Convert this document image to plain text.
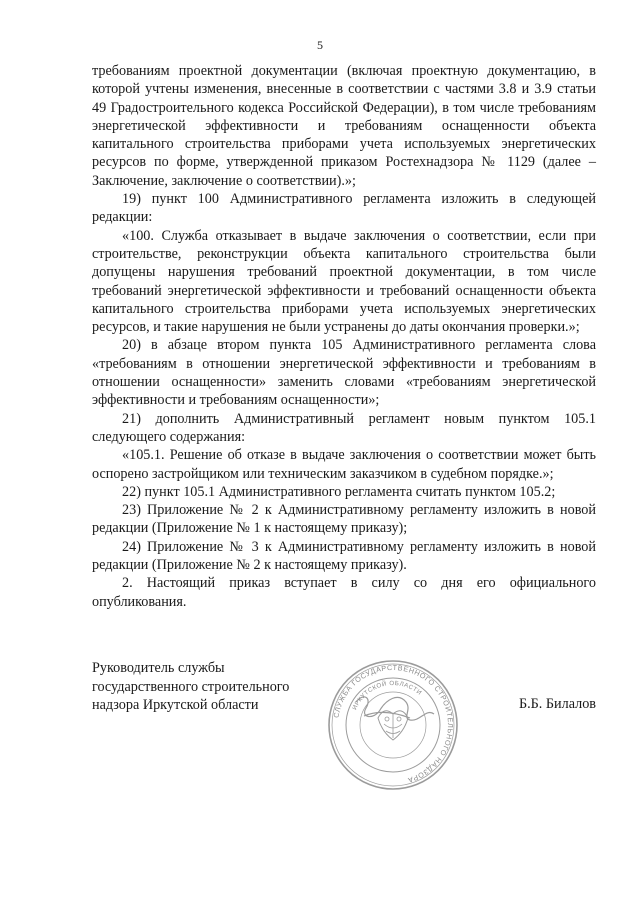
5

требованиям проектной документации (включая проектную документацию, в которой учтены изменения, внесенные в соответствии с частями 3.8 и 3.9 статьи 49 Градостроительного кодекса Российской Федерации), в том числе требованиям энергетической эффективности и требованиям оснащенности объекта капитального строительства приборами учета используемых энергетических ресурсов по форме, утвержденной приказом Ростехнадзора № 1129 (далее – Заключение, заключение о соответствии).»;

19) пункт 100 Административного регламента изложить в следующей редакции:

«100. Служба отказывает в выдаче заключения о соответствии, если при строительстве, реконструкции объекта капитального строительства были допущены нарушения требований проектной документации, в том числе требований энергетической эффективности и требований оснащенности объекта капитального строительства приборами учета используемых энергетических ресурсов, и такие нарушения не были устранены до даты окончания проверки.»;

20) в абзаце втором пункта 105 Административного регламента слова «требованиям в отношении энергетической эффективности и требованиям в отношении оснащенности» заменить словами «требованиям энергетической эффективности и требованиям оснащенности»;

21) дополнить Административный регламент новым пунктом 105.1 следующего содержания:

«105.1. Решение об отказе в выдаче заключения о соответствии может быть оспорено застройщиком или техническим заказчиком в судебном порядке.»;

22) пункт 105.1 Административного регламента считать пунктом 105.2;

23) Приложение № 2 к Административному регламенту изложить в новой редакции (Приложение № 1 к настоящему приказу);

24) Приложение № 3 к Административному регламенту изложить в новой редакции (Приложение № 2 к настоящему приказу).

2. Настоящий приказ вступает в силу со дня его официального опубликования.

Руководитель службы
государственного строительного
надзора Иркутской области	Б.Б. Билалов
СЛУЖБА ГОСУДАРСТВЕННОГО СТРОИТЕЛЬНОГО НАДЗОРА
ИРКУТСКОЙ ОБЛАСТИ
